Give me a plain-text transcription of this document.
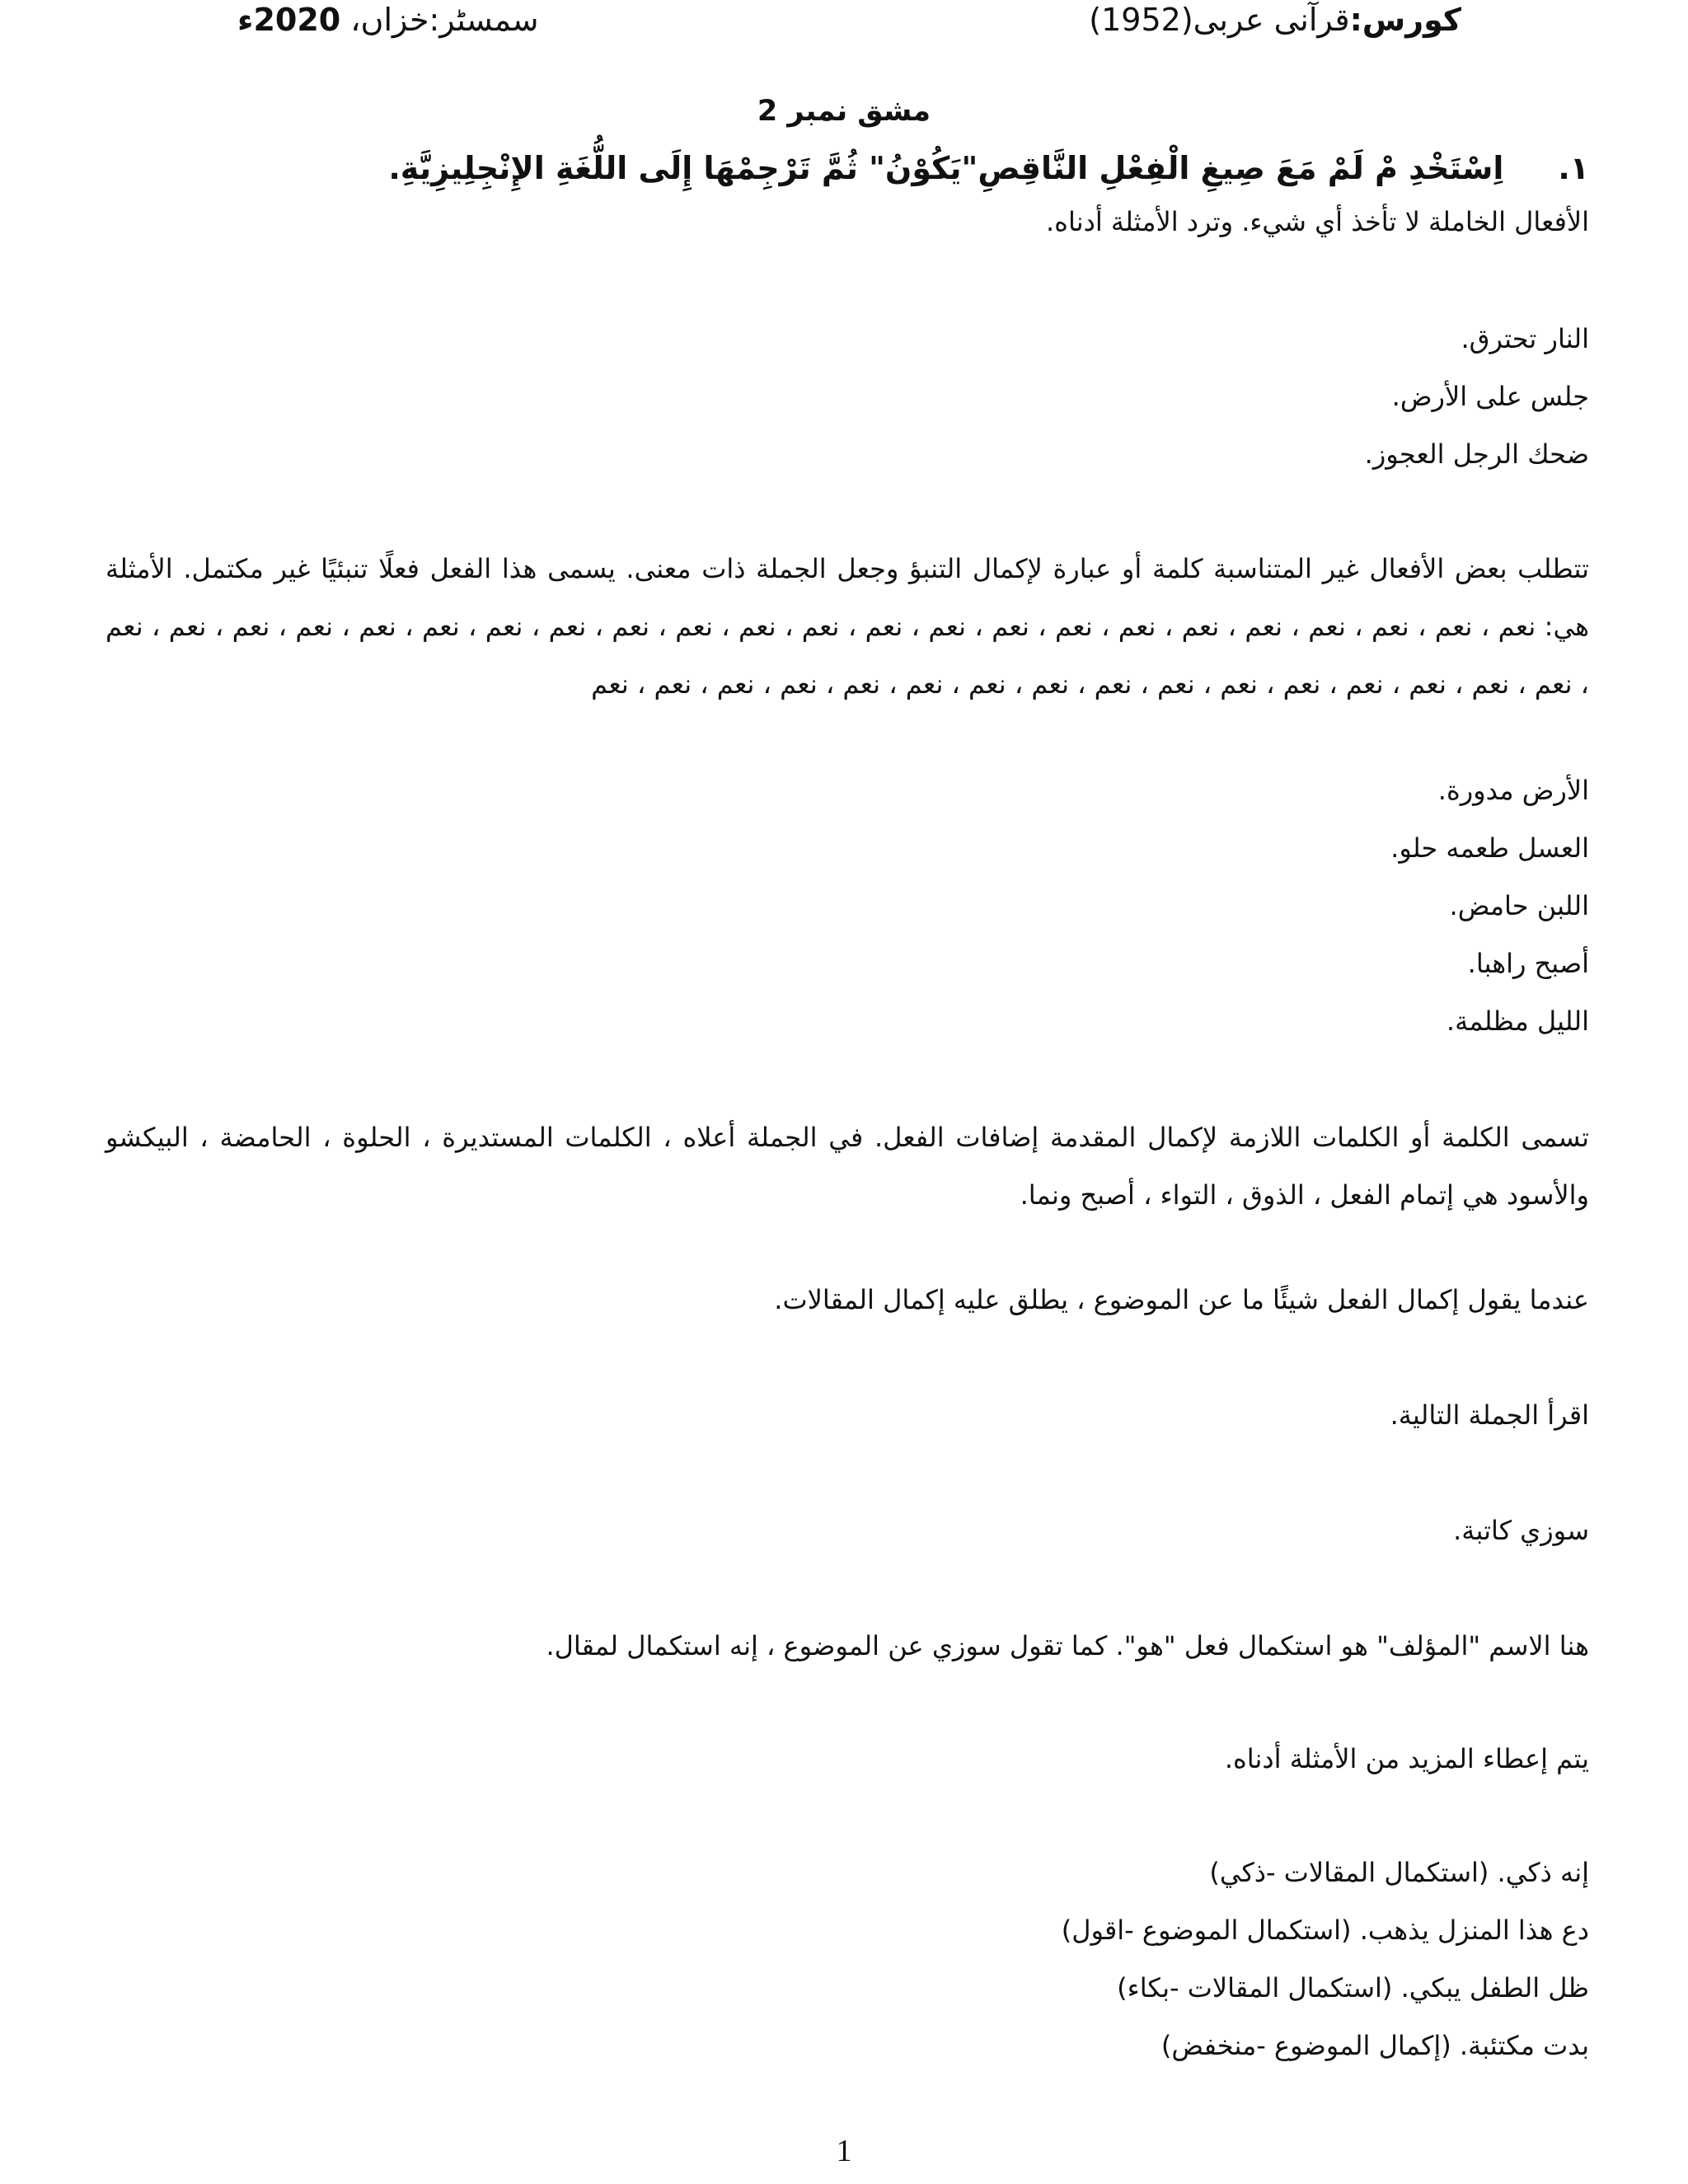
کورس:قرآنی عربی(1952)
سمسٹر:خزاں، 2020ء
مشق نمبر 2
١.اِسْتَخْدِ مْ لَمْ مَعَ صِيغِ الْفِعْلِ النَّاقِصِ"يَكُوْنُ" ثُمَّ تَرْجِمْهَا إِلَى اللُّغَةِ الإِنْجِلِيزِيَّةِ.
الأفعال الخاملة لا تأخذ أي شيء. وترد الأمثلة أدناه.
النار تحترق.
جلس على الأرض.
ضحك الرجل العجوز.
تتطلب بعض الأفعال غير المتناسبة كلمة أو عبارة لإكمال التنبؤ وجعل الجملة ذات معنى. يسمى هذا الفعل فعلًا تنبئيًا غير مكتمل. الأمثلة هي: نعم ، نعم ، نعم ، نعم ، نعم ، نعم ، نعم ، نعم ، نعم ، نعم ، نعم ، نعم ، نعم ، نعم ، نعم ، نعم ، نعم ، نعم ، نعم ، نعم ، نعم ، نعم ، نعم ، نعم ، نعم ، نعم ، نعم ، نعم ، نعم ، نعم ، نعم ، نعم ، نعم ، نعم ، نعم ، نعم ، نعم ، نعم ، نعم
الأرض مدورة.
العسل طعمه حلو.
اللبن حامض.
أصبح راهبا.
الليل مظلمة.
تسمى الكلمة أو الكلمات اللازمة لإكمال المقدمة إضافات الفعل. في الجملة أعلاه ، الكلمات المستديرة ، الحلوة ، الحامضة ، البيكشو والأسود هي إتمام الفعل ، الذوق ، التواء ، أصبح ونما.
عندما يقول إكمال الفعل شيئًا ما عن الموضوع ، يطلق عليه إكمال المقالات.
اقرأ الجملة التالية.
سوزي كاتبة.
هنا الاسم "المؤلف" هو استكمال فعل "هو". كما تقول سوزي عن الموضوع ، إنه استكمال لمقال.
يتم إعطاء المزيد من الأمثلة أدناه.
إنه ذكي. (استكمال المقالات -ذكي)
دع هذا المنزل يذهب. (استكمال الموضوع -اقول)
ظل الطفل يبكي. (استكمال المقالات -بكاء)
بدت مكتئبة. (إكمال الموضوع -منخفض)
1
